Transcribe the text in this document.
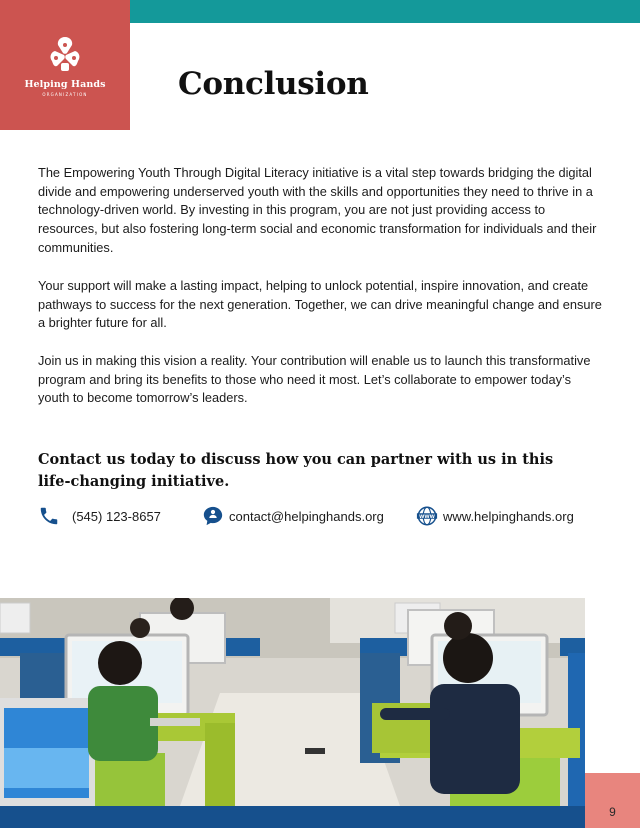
Helping Hands
ORGANIZATION	Conclusion

The Empowering Youth Through Digital Literacy initiative is a vital step towards bridging the digital divide and empowering underserved youth with the skills and opportunities they need to thrive in a technology-driven world. By investing in this program, you are not just providing access to resources, but also fostering long-term social and economic transformation for individuals and their communities.

Your support will make a lasting impact, helping to unlock potential, inspire innovation, and create pathways to success for the next generation. Together, we can drive meaningful change and ensure a brighter future for all.

Join us in making this vision a reality. Your contribution will enable us to launch this transformative program and bring its benefits to those who need it most. Let’s collaborate to empower today’s youth to become tomorrow’s leaders.

Contact us today to discuss how you can partner with us in this life-changing initiative.

(545) 123-8657	contact@helpinghands.org	WWW www.helpinghands.org
9
